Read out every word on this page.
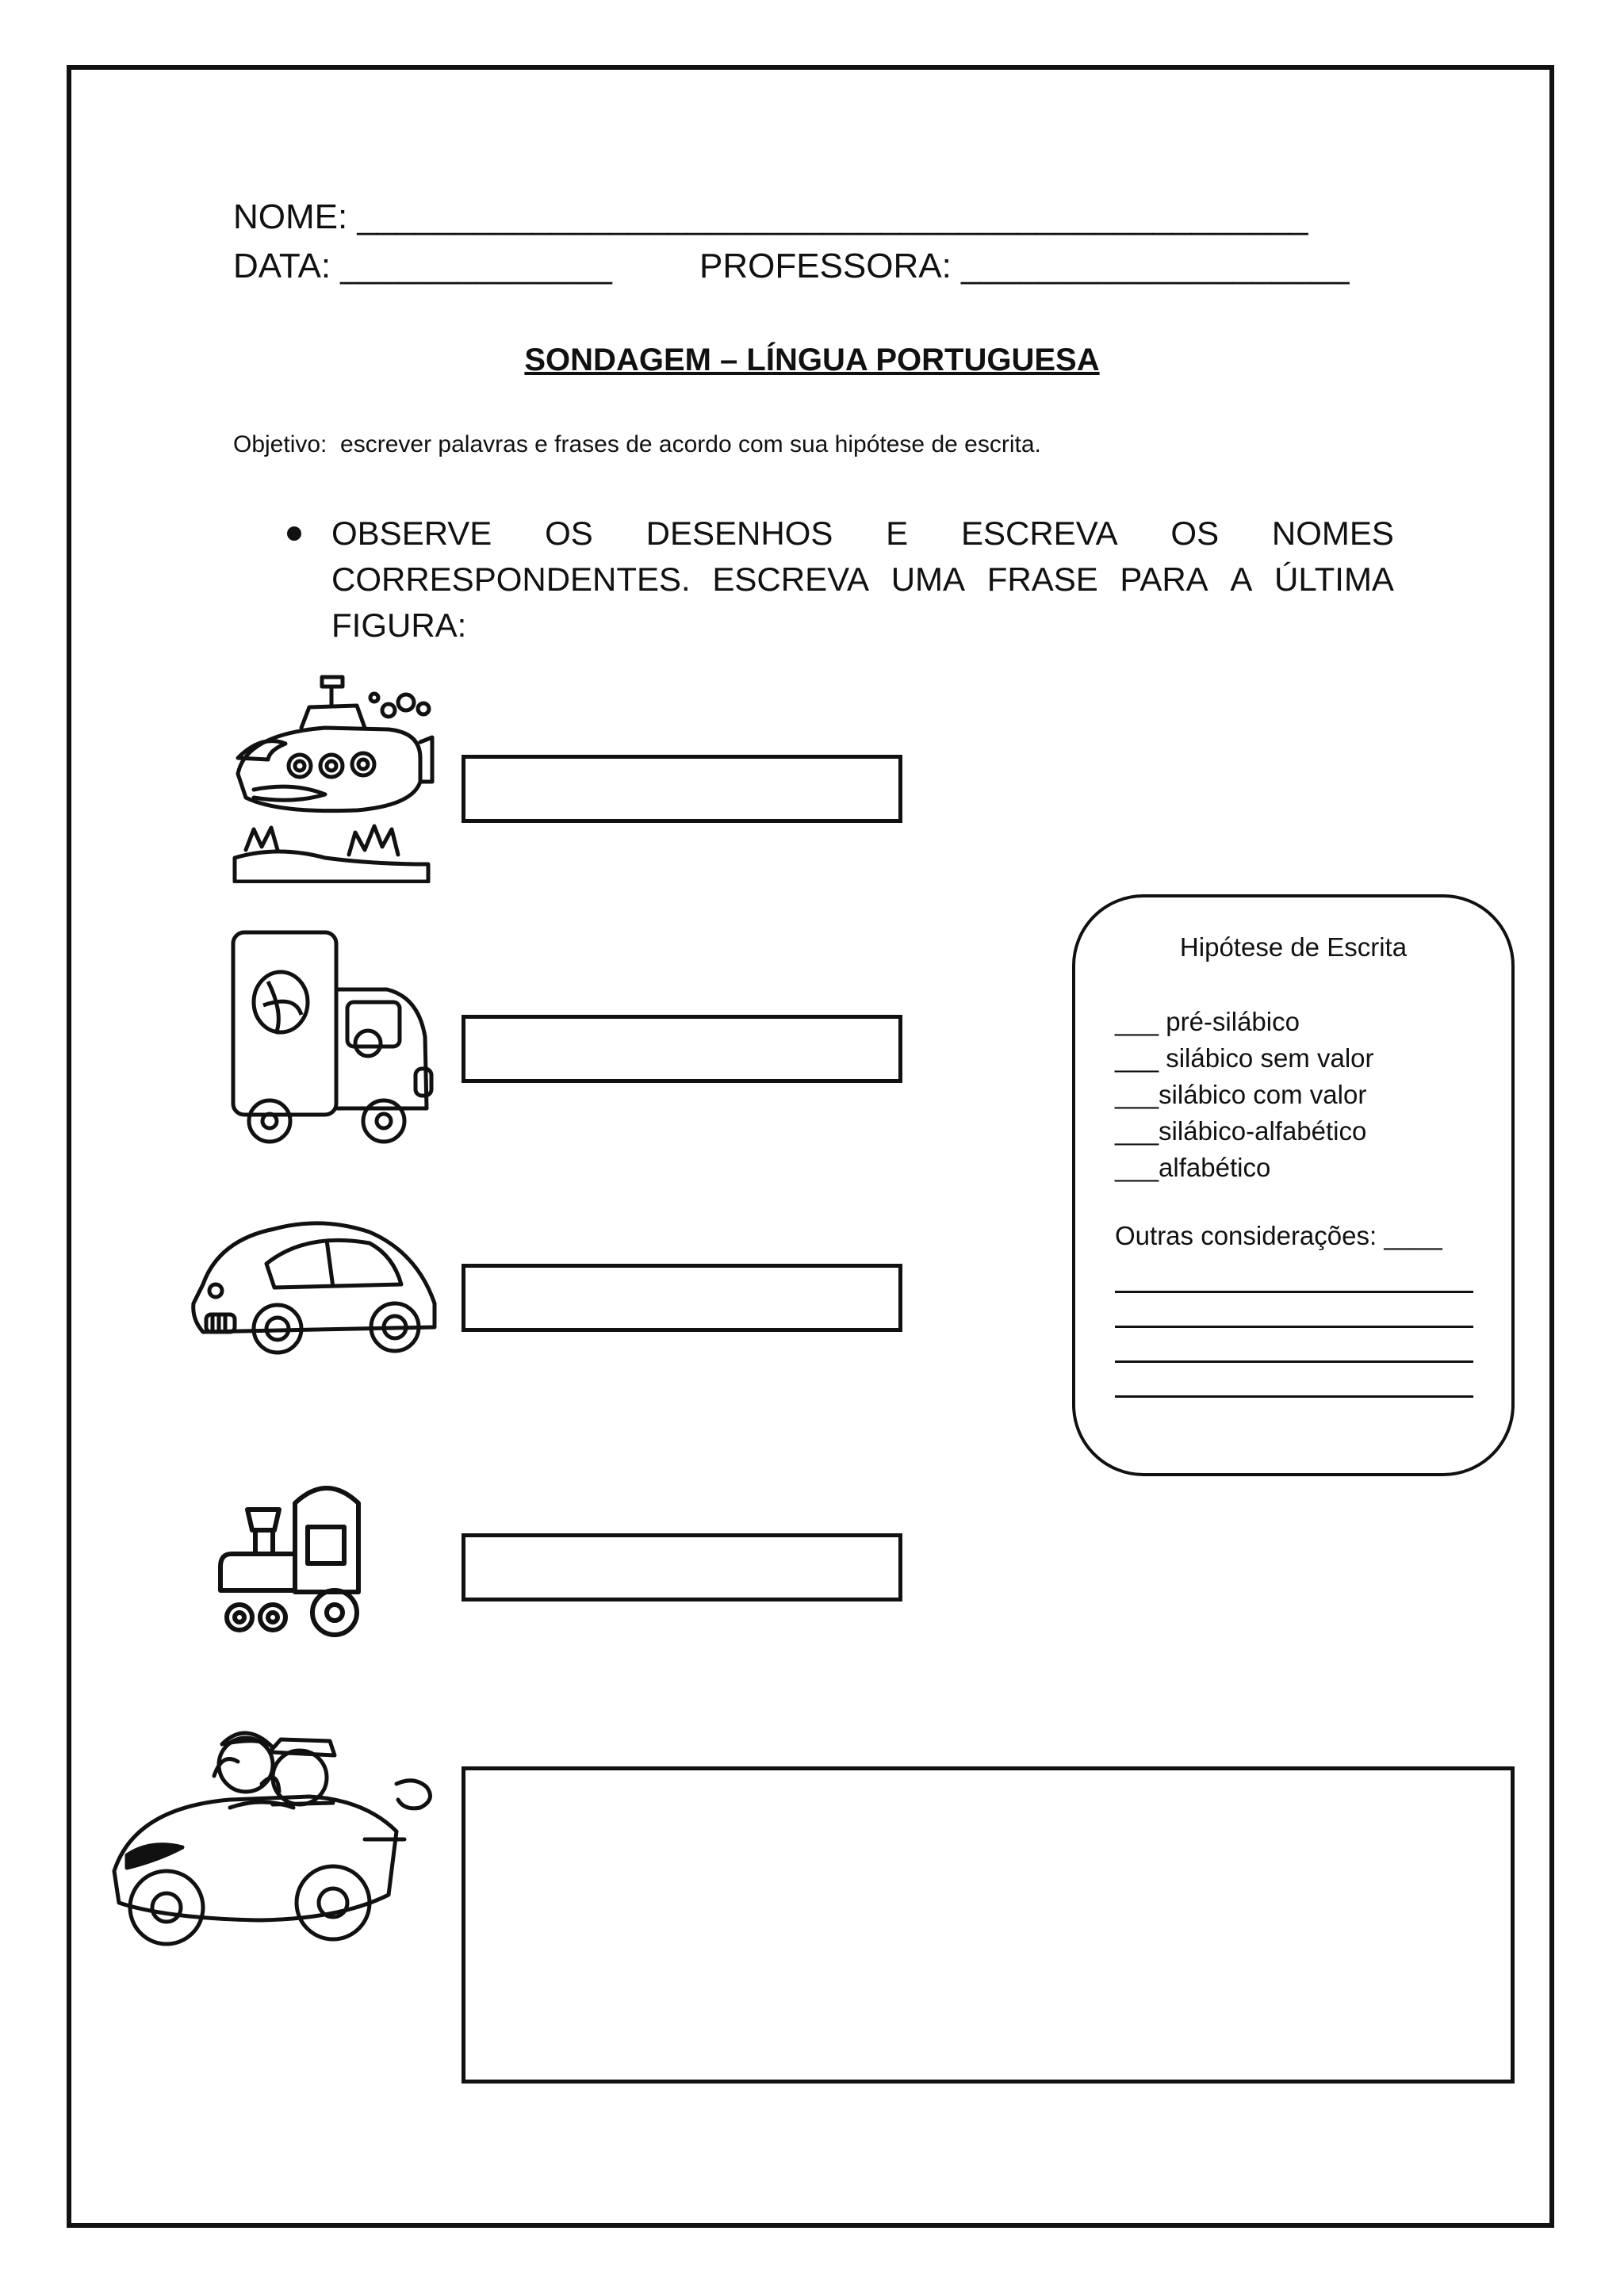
NOME: _________________________________________________
DATA: ______________	PROFESSORA: ____________________
SONDAGEM – LÍNGUA PORTUGUESA
Objetivo:  escrever palavras e frases de acordo com sua hipótese de escrita.
OBSERVE OS DESENHOS E ESCREVA OS NOMES
CORRESPONDENTES. ESCREVA UMA FRASE PARA A ÚLTIMA
FIGURA:
Hipótese de Escrita
___ pré-silábico
___ silábico sem valor
___silábico com valor
___silábico-alfabético
___alfabético
Outras considerações: ____
